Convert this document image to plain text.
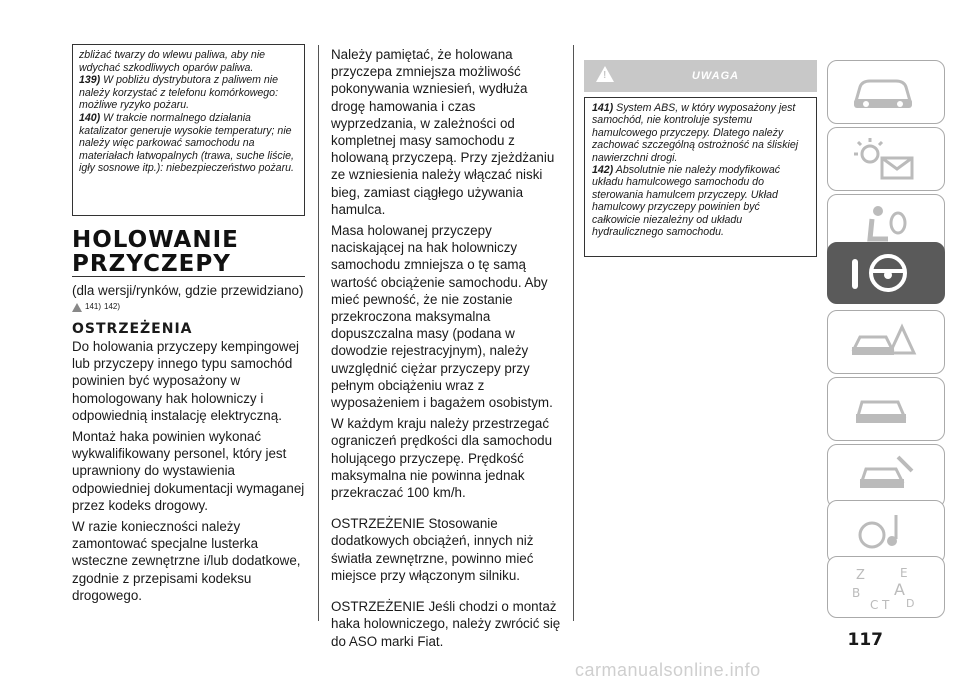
zbliżać twarzy do wlewu paliwa, aby nie

wdychać szkodliwych oparów paliwa.

139) W pobliżu dystrybutora z paliwem nie należy korzystać z telefonu komórkowego: możliwe ryzyko pożaru.

140) W trakcie normalnego działania katalizator generuje wysokie temperatury; nie należy więc parkować samochodu na materiałach łatwopalnych (trawa, suche liście, igły sosnowe itp.): niebezpieczeństwo pożaru.

HOLOWANIE
PRZYCZEPY
(dla wersji/rynków, gdzie przewidziano)
141) 142)
OSTRZEŻENIA

Do holowania przyczepy kempingowej lub przyczepy innego typu samochód powinien być wyposażony w homologowany hak holowniczy i odpowiednią instalację elektryczną.

Montaż haka powinien wykonać wykwalifikowany personel, który jest uprawniony do wystawienia odpowiedniej dokumentacji wymaganej przez kodeks drogowy.

W razie konieczności należy zamontować specjalne lusterka wsteczne zewnętrzne i/lub dodatkowe, zgodnie z przepisami kodeksu drogowego.

Należy pamiętać, że holowana przyczepa zmniejsza możliwość pokonywania wzniesień, wydłuża drogę hamowania i czas wyprzedzania, w zależności od kompletnej masy samochodu z holowaną przyczepą. Przy zjeżdżaniu ze wzniesienia należy włączać niski bieg, zamiast ciągłego używania hamulca.

Masa holowanej przyczepy naciskającej na hak holowniczy samochodu zmniejsza o tę samą wartość obciążenie samochodu. Aby mieć pewność, że nie zostanie przekroczona maksymalna dopuszczalna masy (podana w dowodzie rejestracyjnym), należy uwzględnić ciężar przyczepy przy pełnym obciążeniu wraz z wyposażeniem i bagażem osobistym.

W każdym kraju należy przestrzegać ograniczeń prędkości dla samochodu holującego przyczepę. Prędkość maksymalna nie powinna jednak przekraczać 100 km/h.

OSTRZEŻENIE Stosowanie dodatkowych obciążeń, innych niż światła zewnętrzne, powinno mieć miejsce przy włączonym silniku.

OSTRZEŻENIE Jeśli chodzi o montaż haka holowniczego, należy zwrócić się do ASO marki Fiat.

!	UWAGA

141) System ABS, w który wyposażony jest samochód, nie kontroluje systemu hamulcowego przyczepy. Dlatego należy zachować szczególną ostrożność na śliskiej nawierzchni drogi.

142) Absolutnie nie należy modyfikować układu hamulcowego samochodu do sterowania hamulcem przyczepy. Układ hamulcowy przyczepy powinien być całkowicie niezależny od układu hydraulicznego samochodu.

Z	E
B A
C T D
117
carmanualsonline.info
